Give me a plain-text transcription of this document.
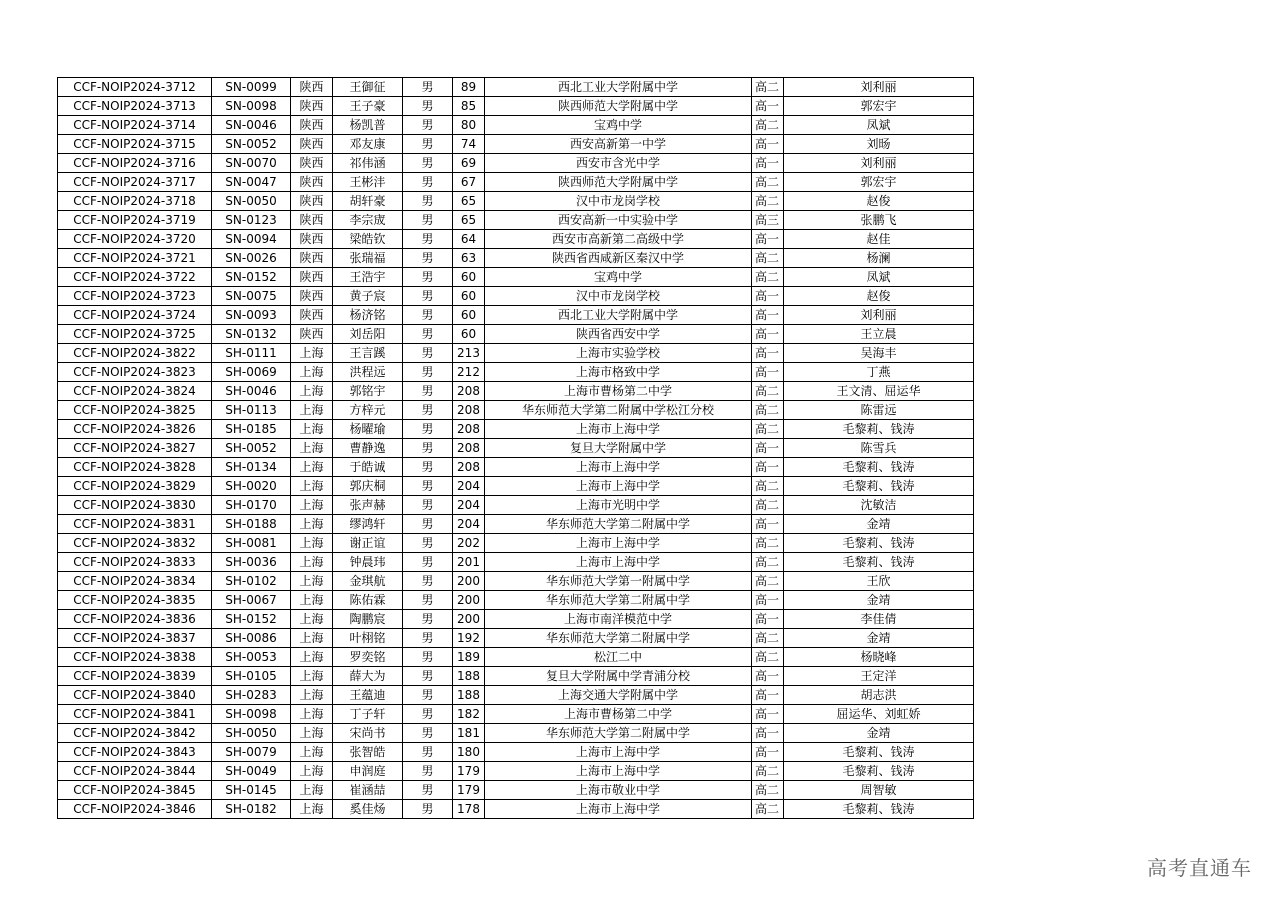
CCF-NOIP2024-3712	SN-0099	陕西	王御征	男	89	西北工业大学附属中学	高二	刘利丽
CCF-NOIP2024-3713	SN-0098	陕西	王子豪	男	85	陕西师范大学附属中学	高一	郭宏宇
CCF-NOIP2024-3714	SN-0046	陕西	杨凯普	男	80	宝鸡中学	高二	凤斌
CCF-NOIP2024-3715	SN-0052	陕西	邓友康	男	74	西安高新第一中学	高一	刘旸
CCF-NOIP2024-3716	SN-0070	陕西	祁伟涵	男	69	西安市含光中学	高一	刘利丽
CCF-NOIP2024-3717	SN-0047	陕西	王彬沣	男	67	陕西师范大学附属中学	高二	郭宏宇
CCF-NOIP2024-3718	SN-0050	陕西	胡轩豪	男	65	汉中市龙岗学校	高二	赵俊
CCF-NOIP2024-3719	SN-0123	陕西	李宗宬	男	65	西安高新一中实验中学	高三	张鹏飞
CCF-NOIP2024-3720	SN-0094	陕西	梁皓钦	男	64	西安市高新第二高级中学	高一	赵佳
CCF-NOIP2024-3721	SN-0026	陕西	张瑞福	男	63	陕西省西咸新区秦汉中学	高二	杨澜
CCF-NOIP2024-3722	SN-0152	陕西	王浩宇	男	60	宝鸡中学	高二	凤斌
CCF-NOIP2024-3723	SN-0075	陕西	黄子宸	男	60	汉中市龙岗学校	高一	赵俊
CCF-NOIP2024-3724	SN-0093	陕西	杨济铭	男	60	西北工业大学附属中学	高一	刘利丽
CCF-NOIP2024-3725	SN-0132	陕西	刘岳阳	男	60	陕西省西安中学	高一	王立晨
CCF-NOIP2024-3822	SH-0111	上海	王言蹊	男	213	上海市实验学校	高一	吴海丰
CCF-NOIP2024-3823	SH-0069	上海	洪程远	男	212	上海市格致中学	高一	丁燕
CCF-NOIP2024-3824	SH-0046	上海	郭铭宇	男	208	上海市曹杨第二中学	高二	王文清、屈运华
CCF-NOIP2024-3825	SH-0113	上海	方梓元	男	208	华东师范大学第二附属中学松江分校	高二	陈雷远
CCF-NOIP2024-3826	SH-0185	上海	杨曜瑜	男	208	上海市上海中学	高二	毛黎莉、钱涛
CCF-NOIP2024-3827	SH-0052	上海	曹静逸	男	208	复旦大学附属中学	高一	陈雪兵
CCF-NOIP2024-3828	SH-0134	上海	于皓诚	男	208	上海市上海中学	高一	毛黎莉、钱涛
CCF-NOIP2024-3829	SH-0020	上海	郭庆桐	男	204	上海市上海中学	高二	毛黎莉、钱涛
CCF-NOIP2024-3830	SH-0170	上海	张声赫	男	204	上海市光明中学	高二	沈敏洁
CCF-NOIP2024-3831	SH-0188	上海	缪鸿轩	男	204	华东师范大学第二附属中学	高一	金靖
CCF-NOIP2024-3832	SH-0081	上海	谢正谊	男	202	上海市上海中学	高二	毛黎莉、钱涛
CCF-NOIP2024-3833	SH-0036	上海	钟晨玮	男	201	上海市上海中学	高二	毛黎莉、钱涛
CCF-NOIP2024-3834	SH-0102	上海	金琪航	男	200	华东师范大学第一附属中学	高二	王欣
CCF-NOIP2024-3835	SH-0067	上海	陈佑霖	男	200	华东师范大学第二附属中学	高一	金靖
CCF-NOIP2024-3836	SH-0152	上海	陶鹏宸	男	200	上海市南洋模范中学	高一	李佳倩
CCF-NOIP2024-3837	SH-0086	上海	叶栩铭	男	192	华东师范大学第二附属中学	高二	金靖
CCF-NOIP2024-3838	SH-0053	上海	罗奕铭	男	189	松江二中	高二	杨晓峰
CCF-NOIP2024-3839	SH-0105	上海	薛大为	男	188	复旦大学附属中学青浦分校	高一	王定洋
CCF-NOIP2024-3840	SH-0283	上海	王蕴迪	男	188	上海交通大学附属中学	高一	胡志洪
CCF-NOIP2024-3841	SH-0098	上海	丁子轩	男	182	上海市曹杨第二中学	高一	屈运华、刘虹娇
CCF-NOIP2024-3842	SH-0050	上海	宋尚书	男	181	华东师范大学第二附属中学	高一	金靖
CCF-NOIP2024-3843	SH-0079	上海	张智皓	男	180	上海市上海中学	高一	毛黎莉、钱涛
CCF-NOIP2024-3844	SH-0049	上海	申润庭	男	179	上海市上海中学	高二	毛黎莉、钱涛
CCF-NOIP2024-3845	SH-0145	上海	崔涵喆	男	179	上海市敬业中学	高二	周智敏
CCF-NOIP2024-3846	SH-0182	上海	奚佳炀	男	178	上海市上海中学	高二	毛黎莉、钱涛
高考直通车
